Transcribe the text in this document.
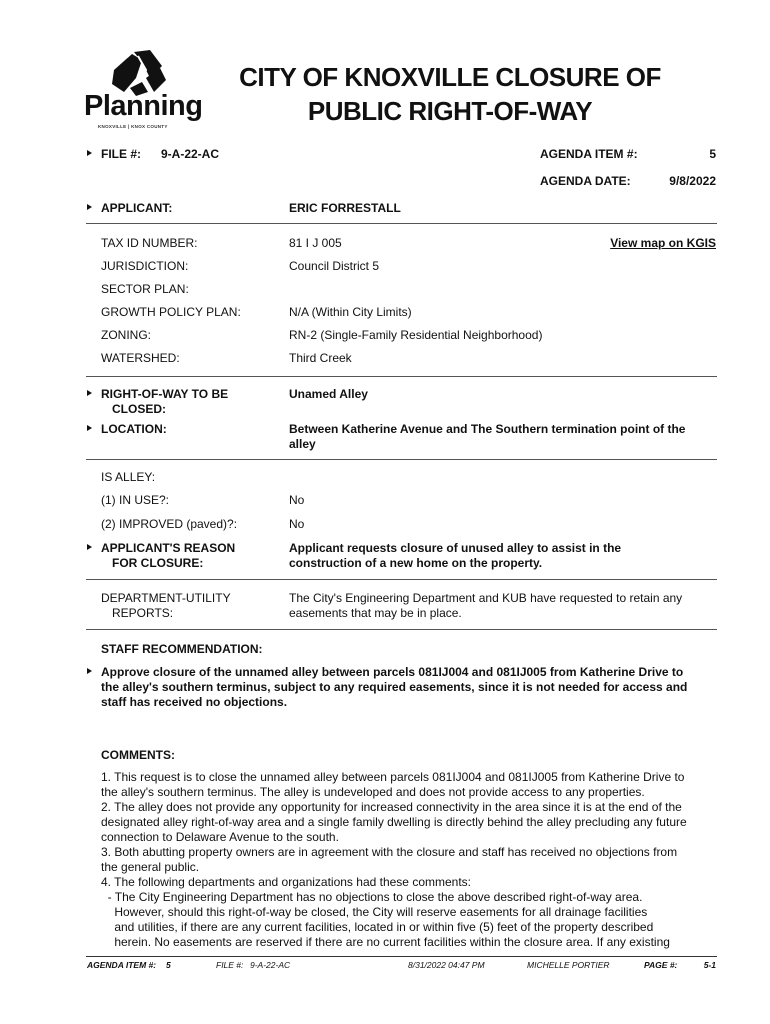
Planning
KNOXVILLE | KNOX COUNTY
CITY OF KNOXVILLE CLOSURE OF
PUBLIC RIGHT-OF-WAY
FILE #: 9-A-22-AC	AGENDA ITEM #:	5
AGENDA DATE:	9/8/2022
APPLICANT:	ERIC FORRESTALL
TAX ID NUMBER:	81 I J 005	View map on KGIS
JURISDICTION:	Council District 5
SECTOR PLAN:
GROWTH POLICY PLAN:	N/A (Within City Limits)
ZONING:	RN-2 (Single-Family Residential Neighborhood)
WATERSHED:	Third Creek
RIGHT-OF-WAY TO BE
CLOSED:
Unamed Alley
LOCATION:	Between Katherine Avenue and The Southern termination point of the
alley
IS ALLEY:
(1) IN USE?:	No
(2) IMPROVED (paved)?:	No
APPLICANT'S REASON
FOR CLOSURE:
Applicant requests closure of unused alley to assist in the
construction of a new home on the property.
DEPARTMENT-UTILITY
REPORTS:
The City's Engineering Department and KUB have requested to retain any
easements that may be in place.
STAFF RECOMMENDATION:
Approve closure of the unnamed alley between parcels 081IJ004 and 081IJ005 from Katherine Drive to
the alley's southern terminus, subject to any required easements, since it is not needed for access and
staff has received no objections.
COMMENTS:
1. This request is to close the unnamed alley between parcels 081IJ004 and 081IJ005 from Katherine Drive to
the alley's southern terminus. The alley is undeveloped and does not provide access to any properties.
2. The alley does not provide any opportunity for increased connectivity in the area since it is at the end of the
designated alley right-of-way area and a single family dwelling is directly behind the alley precluding any future
connection to Delaware Avenue to the south.
3. Both abutting property owners are in agreement with the closure and staff has received no objections from
the general public.
4. The following departments and organizations had these comments:
- The City Engineering Department has no objections to close the above described right-of-way area.
However, should this right-of-way be closed, the City will reserve easements for all drainage facilities
and utilities, if there are any current facilities, located in or within five (5) feet of the property described
herein. No easements are reserved if there are no current facilities within the closure area. If any existing
AGENDA ITEM #: 5	FILE #: 9-A-22-AC	8/31/2022 04:47 PM	MICHELLE PORTIER	PAGE #:	5-1
